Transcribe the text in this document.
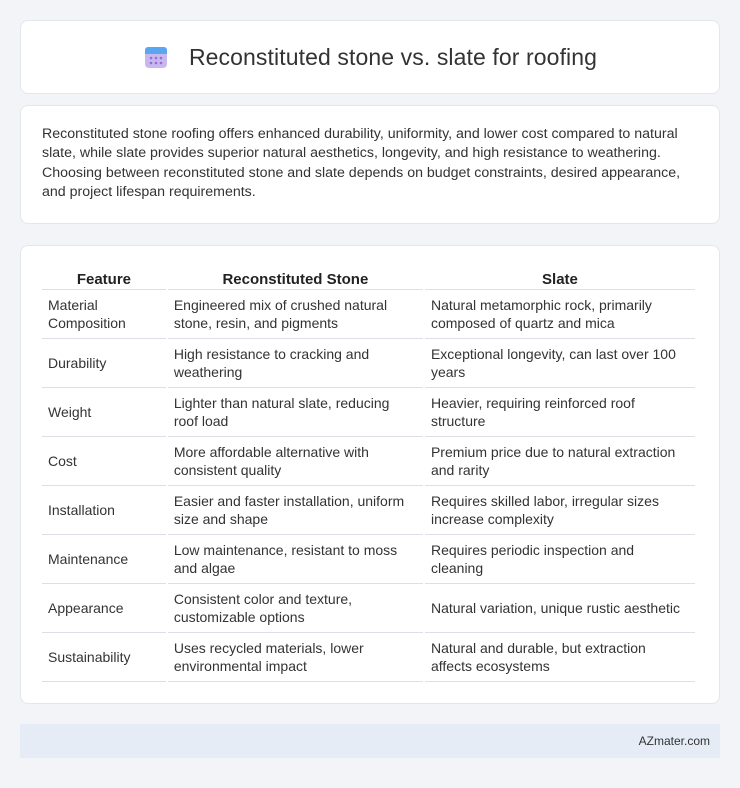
Reconstituted stone vs. slate for roofing

Reconstituted stone roofing offers enhanced durability, uniformity, and lower cost compared to natural slate, while slate provides superior natural aesthetics, longevity, and high resistance to weathering. Choosing between reconstituted stone and slate depends on budget constraints, desired appearance, and project lifespan requirements.

Feature	Reconstituted Stone	Slate
Material Composition	Engineered mix of crushed natural stone, resin, and pigments	Natural metamorphic rock, primarily composed of quartz and mica
Durability	High resistance to cracking and weathering	Exceptional longevity, can last over 100 years
Weight	Lighter than natural slate, reducing roof load	Heavier, requiring reinforced roof structure
Cost	More affordable alternative with consistent quality	Premium price due to natural extraction and rarity
Installation	Easier and faster installation, uniform size and shape	Requires skilled labor, irregular sizes increase complexity
Maintenance	Low maintenance, resistant to moss and algae	Requires periodic inspection and cleaning
Appearance	Consistent color and texture, customizable options	Natural variation, unique rustic aesthetic
Sustainability	Uses recycled materials, lower environmental impact	Natural and durable, but extraction affects ecosystems
AZmater.com
